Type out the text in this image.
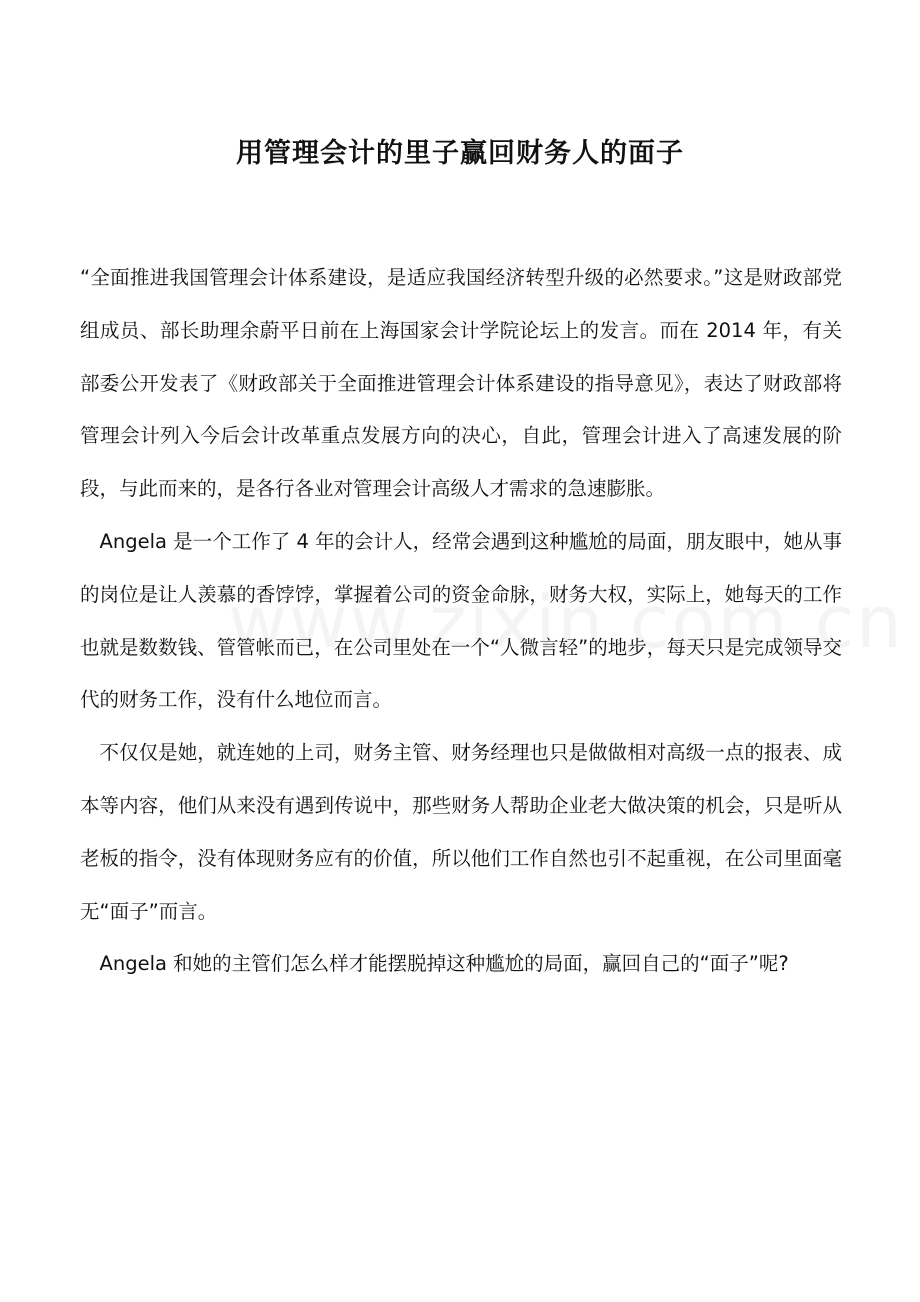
用管理会计的里子赢回财务人的面子

“全面推进我国管理会计体系建设，是适应我国经济转型升级的必然要求。”这是财政部党组成员、部长助理余蔚平日前在上海国家会计学院论坛上的发言。而在 2014 年，有关部委公开发表了《财政部关于全面推进管理会计体系建设的指导意见》，表达了财政部将管理会计列入今后会计改革重点发展方向的决心，自此，管理会计进入了高速发展的阶段，与此而来的，是各行各业对管理会计高级人才需求的急速膨胀。

　Angela 是一个工作了 4 年的会计人，经常会遇到这种尴尬的局面，朋友眼中，她从事的岗位是让人羡慕的香饽饽，掌握着公司的资金命脉，财务大权，实际上，她每天的工作也就是数数钱、管管帐而已，在公司里处在一个“人微言轻”的地步，每天只是完成领导交代的财务工作，没有什么地位而言。

　不仅仅是她，就连她的上司，财务主管、财务经理也只是做做相对高级一点的报表、成本等内容，他们从来没有遇到传说中，那些财务人帮助企业老大做决策的机会，只是听从老板的指令，没有体现财务应有的价值，所以他们工作自然也引不起重视，在公司里面毫无“面子”而言。

　Angela 和她的主管们怎么样才能摆脱掉这种尴尬的局面，赢回自己的“面子”呢?
